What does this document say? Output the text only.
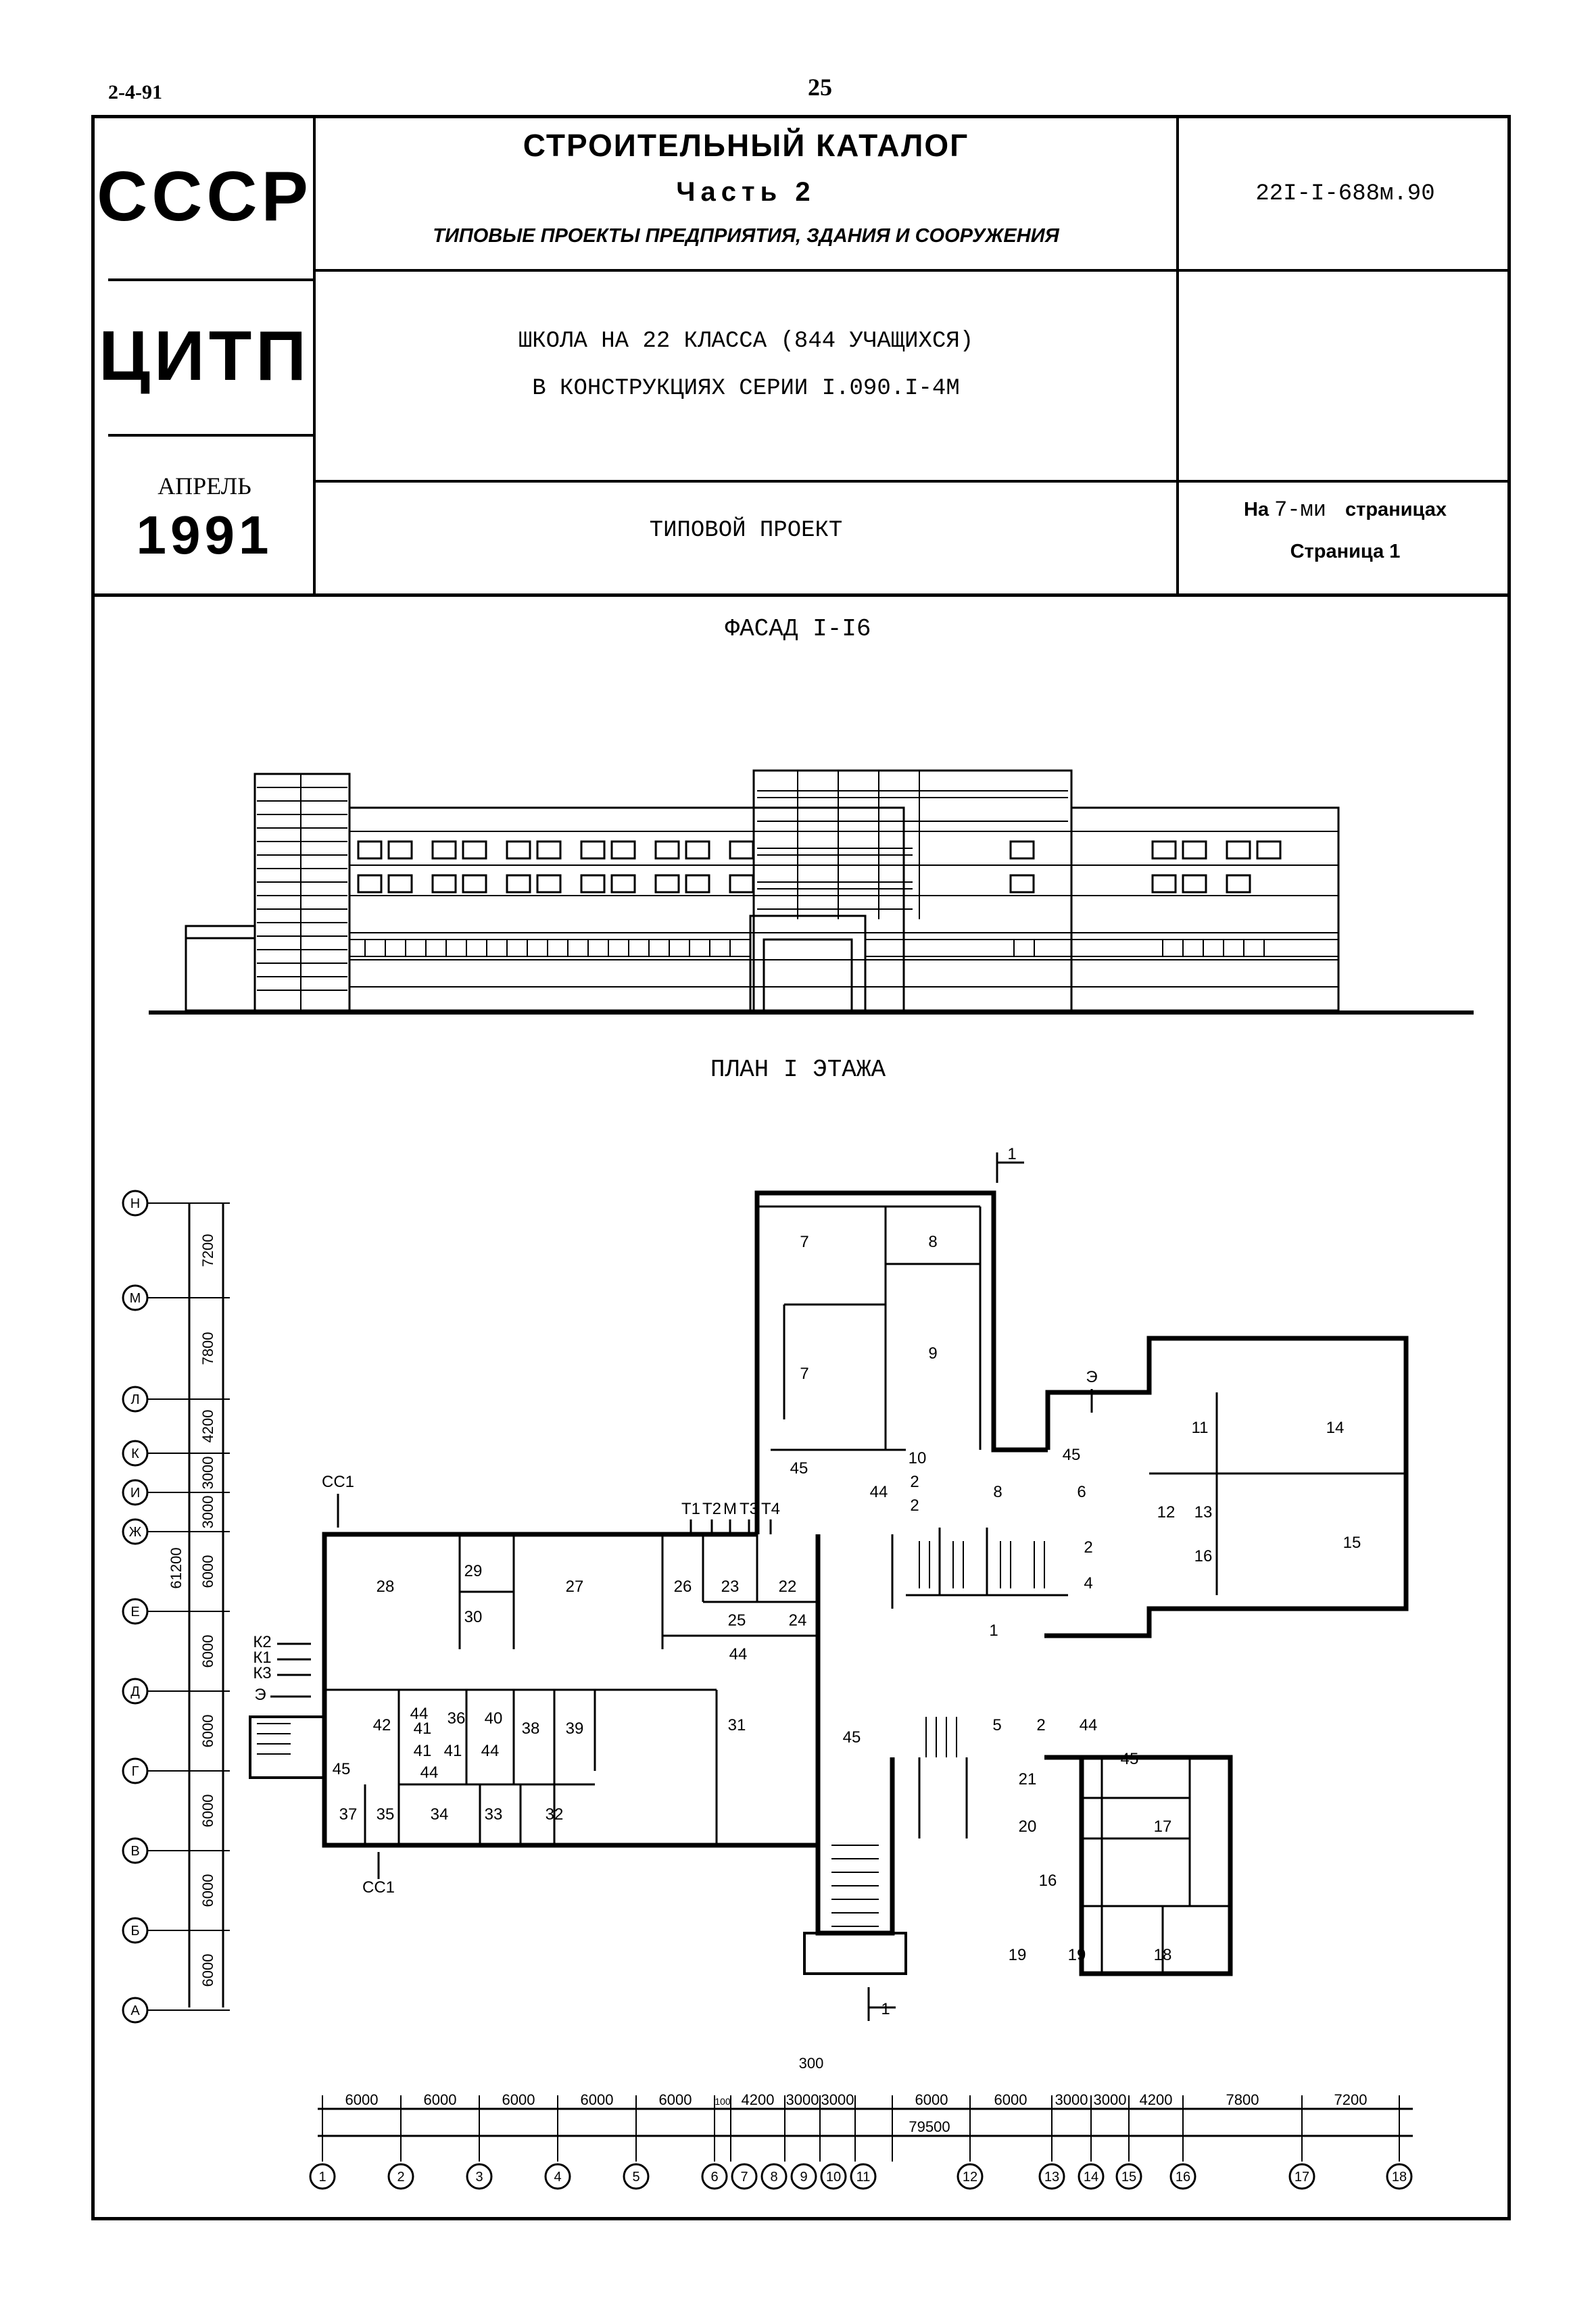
2-4-91	25
СССР
ЦИТП
АПРЕЛЬ
1991
СТРОИТЕЛЬНЫЙ КАТАЛОГ
Часть 2
ТИПОВЫЕ ПРОЕКТЫ ПРЕДПРИЯТИЯ, ЗДАНИЯ И СООРУЖЕНИЯ
22I-I-688м.90
ШКОЛА НА 22 КЛАССА (844 УЧАЩИХСЯ)
В КОНСТРУКЦИЯХ СЕРИИ I.090.I-4М
ТИПОВОЙ ПРОЕКТ
На 7-ми страницах
Страница 1
ФАСАД I-I6
ПЛАН I ЭТАЖА
Н
М
Л
К
И
Ж
Е
Д
Г
В
Б
А
7200
7800
4200
3000
3000
6000
6000
6000
6000
6000
6000
61200
7	8
7
9
10
2
2
44	8	6
11	14
12 13
15
16
2
4
1
5 2 44
21
20
16
17
19	19	18
28
29
30
27	26 23 22
25	24
44
42
44
41
36 40
38 39	31
41 41 44
44
37 35 34 33	32
45
45
45
45
45
СС1
СС1
1
1
Э
Э
К2
К1
К3
Т1 Т2 М Т3 Т4
6000	6000	6000	6000	6000 100 4200 3000 3000	6000	6000 3000 3000 4200	7800	7200
300
79500
1	2	3	4	5	6 7 8 9 10 11	12	13 14 15	16	17	18
